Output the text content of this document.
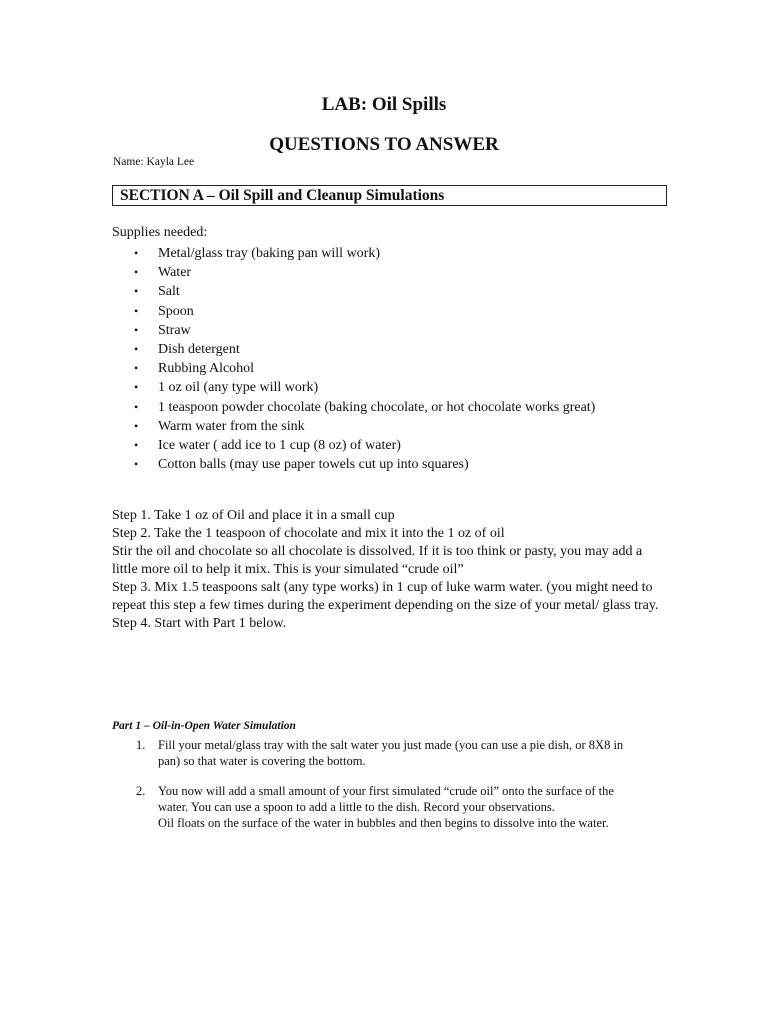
LAB: Oil Spills
QUESTIONS TO ANSWER
Name: Kayla Lee
SECTION A – Oil Spill and Cleanup Simulations
Supplies needed:
• Metal/glass tray (baking pan will work)
• Water
• Salt
• Spoon
• Straw
• Dish detergent
• Rubbing Alcohol
• 1 oz oil (any type will work)
• 1 teaspoon powder chocolate (baking chocolate, or hot chocolate works great)
• Warm water from the sink
• Ice water ( add ice to 1 cup (8 oz) of water)
• Cotton balls (may use paper towels cut up into squares)

Step 1. Take 1 oz of Oil and place it in a small cup

Step 2. Take the 1 teaspoon of chocolate and mix it into the 1 oz of oil

Stir the oil and chocolate so all chocolate is dissolved. If it is too think or pasty, you may add a little more oil to help it mix. This is your simulated “crude oil”

Step 3. Mix 1.5 teaspoons salt (any type works) in 1 cup of luke warm water. (you might need to repeat this step a few times during the experiment depending on the size of your metal/ glass tray.

Step 4. Start with Part 1 below.

Part 1 – Oil-in-Open Water Simulation
1. Fill your metal/glass tray with the salt water you just made (you can use a pie dish, or 8X8 in pan) so that water is covering the bottom.

2. You now will add a small amount of your first simulated “crude oil” onto the surface of the water. You can use a spoon to add a little to the dish. Record your observations.

Oil floats on the surface of the water in bubbles and then begins to dissolve into the water.
